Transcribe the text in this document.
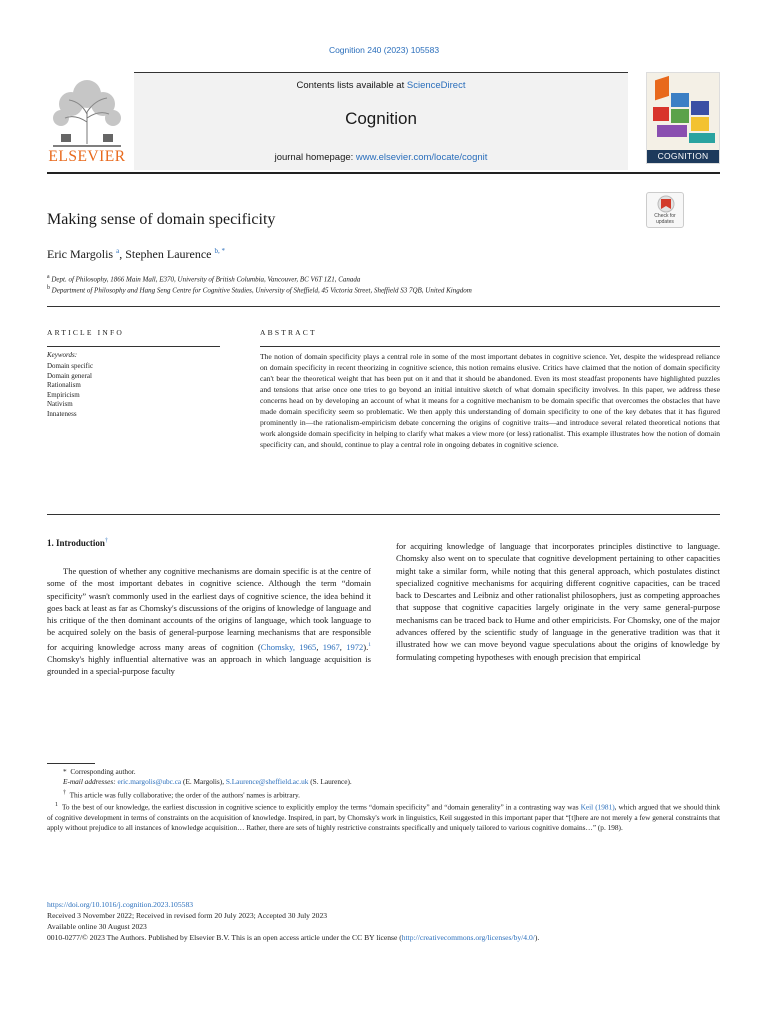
Cognition 240 (2023) 105583
ELSEVIER
Contents lists available at ScienceDirect
Cognition
journal homepage: www.elsevier.com/locate/cognit	COGNITION
Making sense of domain specificity	Check for updates
Eric Margolis $^a$, Stephen Laurence $^{b, *}$
$^a$ Dept. of Philosophy, 1866 Main Mall, E370, University of British Columbia, Vancouver, BC V6T 1Z1, Canada
$^b$ Department of Philosophy and Hang Seng Centre for Cognitive Studies, University of Sheffield, 45 Victoria Street, Sheffield S3 7QB, United Kingdom
ARTICLE INFO	ABSTRACT
Keywords:
Domain specific
Domain general
Rationalism
Empiricism
Nativism
Innateness
The notion of domain specificity plays a central role in some of the most important debates in cognitive science. Yet, despite the widespread reliance on domain specificity in recent theorizing in cognitive science, this notion remains elusive. Critics have claimed that the notion of domain specificity can't bear the theoretical weight that has been put on it and that it should be abandoned. Even its most steadfast proponents have highlighted puzzles and tensions that arise once one tries to go beyond an initial intuitive sketch of what domain specificity involves. In this paper, we address these concerns head on by developing an account of what it means for a cognitive mechanism to be domain specific that overcomes the obstacles that have made domain specificity seem so problematic. We then apply this understanding of domain specificity to one of the key debates that it has figured prominently in—the rationalism-empiricism debate concerning the origins of cognitive traits—and introduce several related theoretical notions that work alongside domain specificity in helping to clarify what makes a view more (or less) rationalist. This example illustrates how the notion of domain specificity can, and should, continue to play a central role in ongoing debates in cognitive science.
1. Introduction†
The question of whether any cognitive mechanisms are domain specific is at the centre of some of the most important debates in cognitive science. Although the term “domain specificity” wasn't commonly used in the earliest days of cognitive science, the idea behind it goes back at least as far as Chomsky's discussions of the origins of knowledge of language and his critique of the then dominant accounts of the origins of language, which took language to be acquired solely on the basis of general-purpose learning mechanisms that are responsible for acquiring knowledge across many areas of cognition (Chomsky, 1965, 1967, 1972).$^1$ Chomsky's highly influential alternative was an approach in which language acquisition is grounded in a special-purpose faculty
for acquiring knowledge of language that incorporates principles distinctive to language. Chomsky also went on to speculate that cognitive development pertaining to other capacities might take a similar form, while noting that this general approach, which postulates distinct specialized cognitive mechanisms for acquiring different cognitive capacities, can be traced back to Descartes and Leibniz and other rationalist philosophers, just as competing approaches that suppose that cognitive capacities largely originate in the very same general-purpose mechanisms can be traced back to Hume and other empiricists. For Chomsky, one of the major advances offered by the scientific study of language in the generative tradition was that it illustrated how we can move beyond vague speculations about the origins of knowledge by formulating competing hypotheses with enough precision that empirical

* Corresponding author.

E-mail addresses: eric.margolis@ubc.ca (E. Margolis), S.Laurence@sheffield.ac.uk (S. Laurence).

† This article was fully collaborative; the order of the authors' names is arbitrary.

$^1$ To the best of our knowledge, the earliest discussion in cognitive science to explicitly employ the terms “domain specificity” and “domain generality” in a contrasting way was Keil (1981), which argued that we should think of cognitive development in terms of constraints on the acquisition of knowledge. Inspired, in part, by Chomsky's work in linguistics, Keil suggested in this important paper that “[t]here are not merely a few general constraints that apply without prejudice to all instances of knowledge acquisition… Rather, there are sets of highly restrictive constraints specifically and uniquely tailored to various cognitive domains…” (p. 198).

https://doi.org/10.1016/j.cognition.2023.105583
Received 3 November 2022; Received in revised form 20 July 2023; Accepted 30 July 2023
Available online 30 August 2023
0010-0277/© 2023 The Authors. Published by Elsevier B.V. This is an open access article under the CC BY license (http://creativecommons.org/licenses/by/4.0/).
